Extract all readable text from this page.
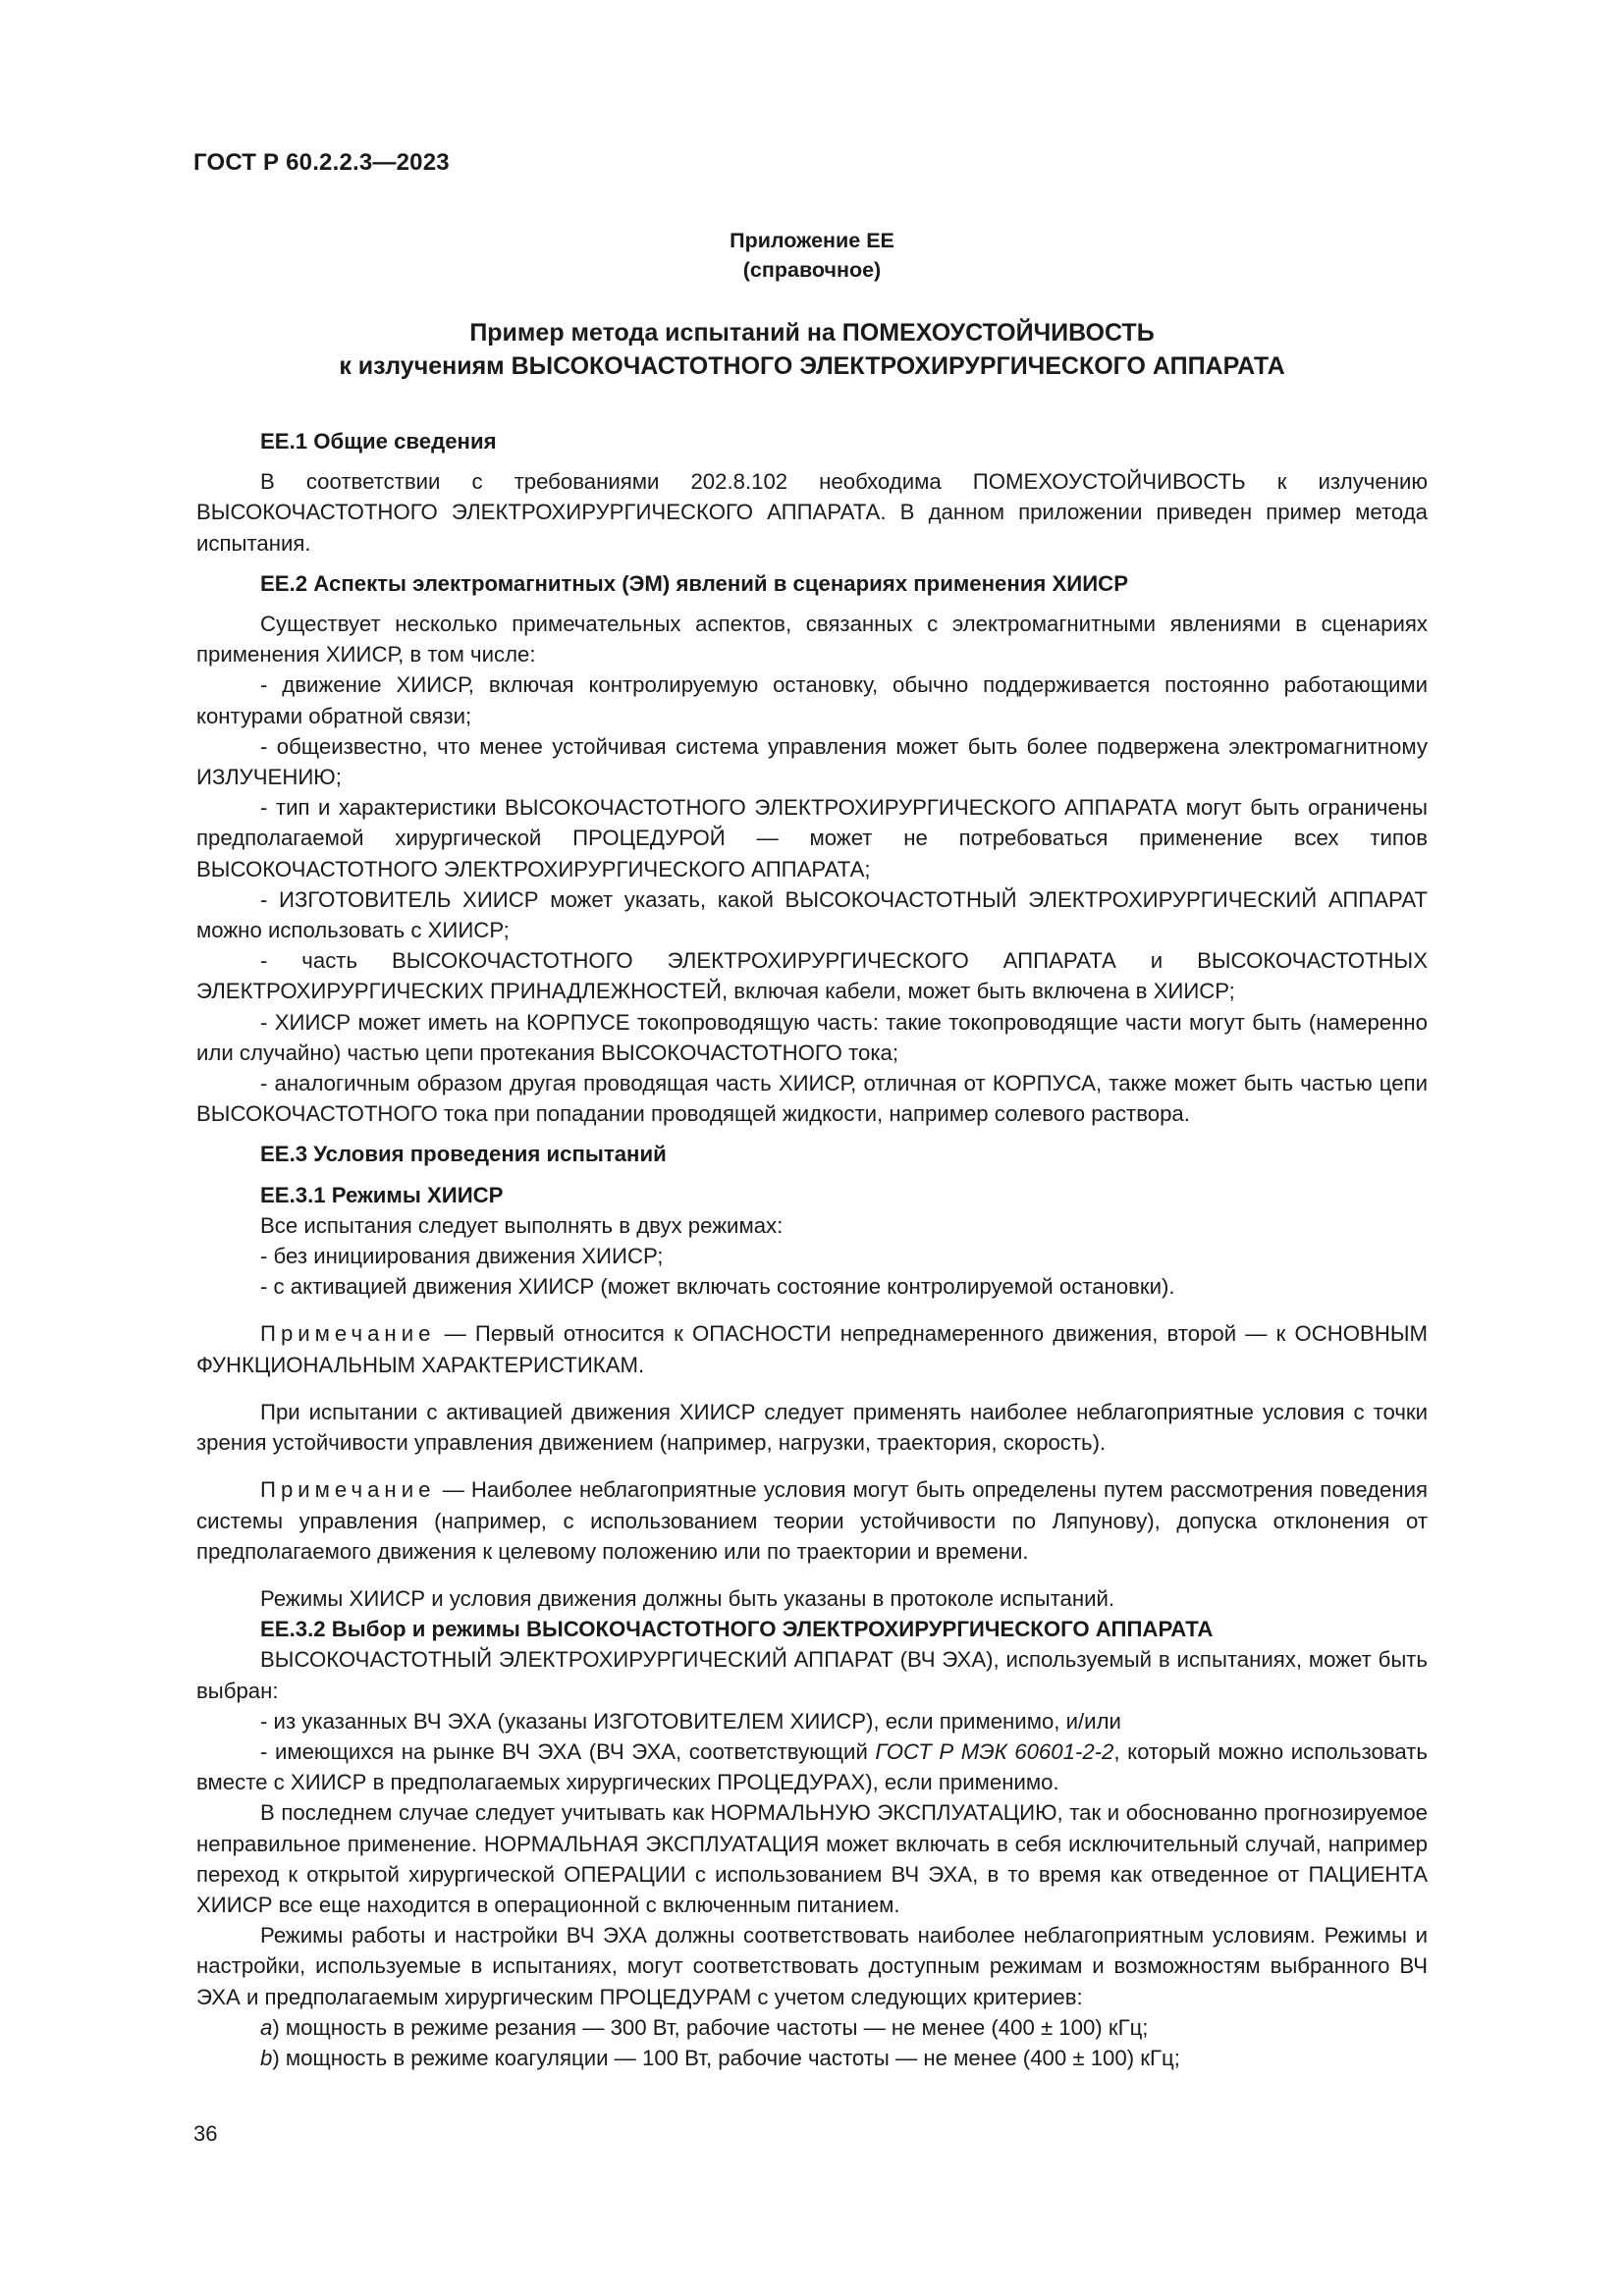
ГОСТ Р 60.2.2.3—2023
Приложение ЕЕ
(справочное)
Пример метода испытаний на ПОМЕХОУСТОЙЧИВОСТЬ
к излучениям ВЫСОКОЧАСТОТНОГО ЭЛЕКТРОХИРУРГИЧЕСКОГО АППАРАТА
ЕЕ.1 Общие сведения

В соответствии с требованиями 202.8.102 необходима ПОМЕХОУСТОЙЧИВОСТЬ к излучению ВЫСОКОЧАСТОТНОГО ЭЛЕКТРОХИРУРГИЧЕСКОГО АППАРАТА. В данном приложении приведен пример метода испытания.

ЕЕ.2 Аспекты электромагнитных (ЭМ) явлений в сценариях применения ХИИСР

Существует несколько примечательных аспектов, связанных с электромагнитными явлениями в сценариях применения ХИИСР, в том числе:

- движение ХИИСР, включая контролируемую остановку, обычно поддерживается постоянно работающими контурами обратной связи;

- общеизвестно, что менее устойчивая система управления может быть более подвержена электромагнитному ИЗЛУЧЕНИЮ;

- тип и характеристики ВЫСОКОЧАСТОТНОГО ЭЛЕКТРОХИРУРГИЧЕСКОГО АППАРАТА могут быть ограничены предполагаемой хирургической ПРОЦЕДУРОЙ — может не потребоваться применение всех типов ВЫСОКОЧАСТОТНОГО ЭЛЕКТРОХИРУРГИЧЕСКОГО АППАРАТА;

- ИЗГОТОВИТЕЛЬ ХИИСР может указать, какой ВЫСОКОЧАСТОТНЫЙ ЭЛЕКТРОХИРУРГИЧЕСКИЙ АППАРАТ можно использовать с ХИИСР;

- часть ВЫСОКОЧАСТОТНОГО ЭЛЕКТРОХИРУРГИЧЕСКОГО АППАРАТА и ВЫСОКОЧАСТОТНЫХ ЭЛЕКТРОХИРУРГИЧЕСКИХ ПРИНАДЛЕЖНОСТЕЙ, включая кабели, может быть включена в ХИИСР;

- ХИИСР может иметь на КОРПУСЕ токопроводящую часть: такие токопроводящие части могут быть (намеренно или случайно) частью цепи протекания ВЫСОКОЧАСТОТНОГО тока;

- аналогичным образом другая проводящая часть ХИИСР, отличная от КОРПУСА, также может быть частью цепи ВЫСОКОЧАСТОТНОГО тока при попадании проводящей жидкости, например солевого раствора.

ЕЕ.3 Условия проведения испытаний
ЕЕ.3.1 Режимы ХИИСР

Все испытания следует выполнять в двух режимах:

- без инициирования движения ХИИСР;

- с активацией движения ХИИСР (может включать состояние контролируемой остановки).

Примечание — Первый относится к ОПАСНОСТИ непреднамеренного движения, второй — к ОСНОВНЫМ ФУНКЦИОНАЛЬНЫМ ХАРАКТЕРИСТИКАМ.

При испытании с активацией движения ХИИСР следует применять наиболее неблагоприятные условия с точки зрения устойчивости управления движением (например, нагрузки, траектория, скорость).

Примечание — Наиболее неблагоприятные условия могут быть определены путем рассмотрения поведения системы управления (например, с использованием теории устойчивости по Ляпунову), допуска отклонения от предполагаемого движения к целевому положению или по траектории и времени.

Режимы ХИИСР и условия движения должны быть указаны в протоколе испытаний.

ЕЕ.3.2 Выбор и режимы ВЫСОКОЧАСТОТНОГО ЭЛЕКТРОХИРУРГИЧЕСКОГО АППАРАТА

ВЫСОКОЧАСТОТНЫЙ ЭЛЕКТРОХИРУРГИЧЕСКИЙ АППАРАТ (ВЧ ЭХА), используемый в испытаниях, может быть выбран:

- из указанных ВЧ ЭХА (указаны ИЗГОТОВИТЕЛЕМ ХИИСР), если применимо, и/или

- имеющихся на рынке ВЧ ЭХА (ВЧ ЭХА, соответствующий ГОСТ Р МЭК 60601-2-2, который можно использовать вместе с ХИИСР в предполагаемых хирургических ПРОЦЕДУРАХ), если применимо.

В последнем случае следует учитывать как НОРМАЛЬНУЮ ЭКСПЛУАТАЦИЮ, так и обоснованно прогнозируемое неправильное применение. НОРМАЛЬНАЯ ЭКСПЛУАТАЦИЯ может включать в себя исключительный случай, например переход к открытой хирургической ОПЕРАЦИИ с использованием ВЧ ЭХА, в то время как отведенное от ПАЦИЕНТА ХИИСР все еще находится в операционной с включенным питанием.

Режимы работы и настройки ВЧ ЭХА должны соответствовать наиболее неблагоприятным условиям. Режимы и настройки, используемые в испытаниях, могут соответствовать доступным режимам и возможностям выбранного ВЧ ЭХА и предполагаемым хирургическим ПРОЦЕДУРАМ с учетом следующих критериев:

a) мощность в режиме резания — 300 Вт, рабочие частоты — не менее (400 ± 100) кГц;

b) мощность в режиме коагуляции — 100 Вт, рабочие частоты — не менее (400 ± 100) кГц;

36
